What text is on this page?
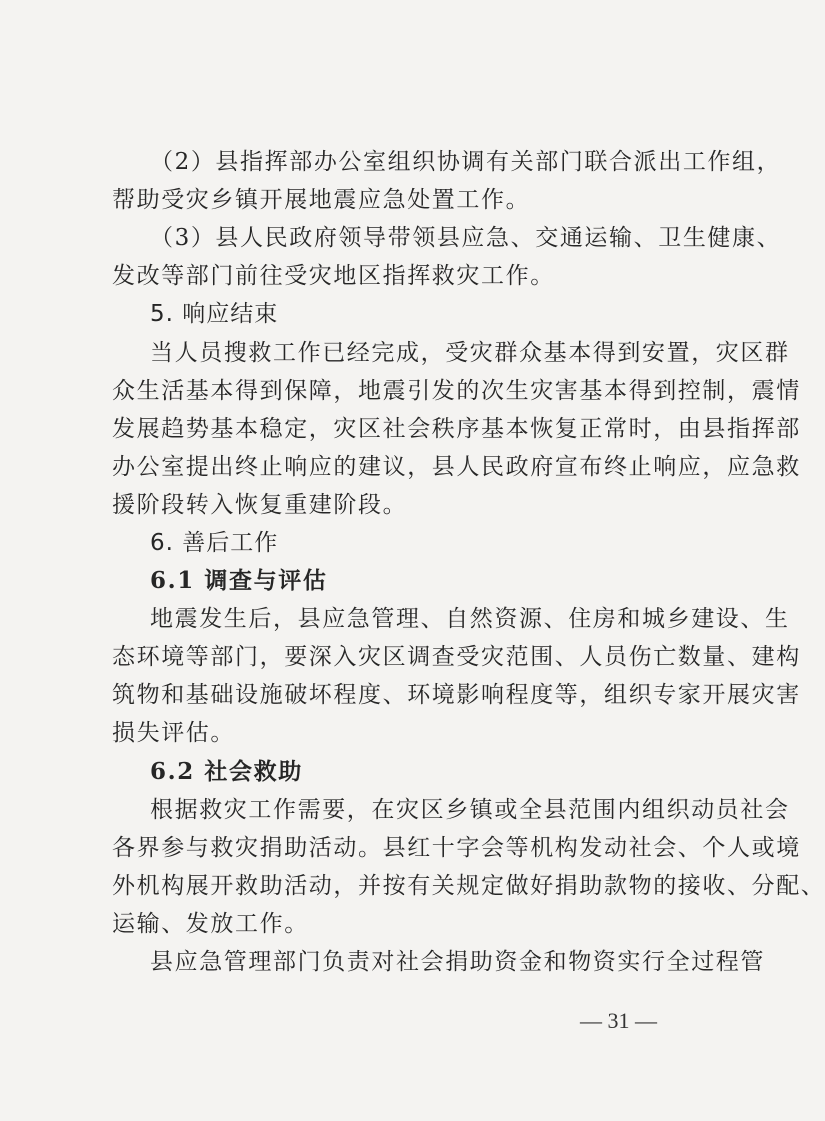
（2）县指挥部办公室组织协调有关部门联合派出工作组，
帮助受灾乡镇开展地震应急处置工作。
（3）县人民政府领导带领县应急、交通运输、卫生健康、
发改等部门前往受灾地区指挥救灾工作。
5. 响应结束
当人员搜救工作已经完成，受灾群众基本得到安置，灾区群
众生活基本得到保障，地震引发的次生灾害基本得到控制，震情
发展趋势基本稳定，灾区社会秩序基本恢复正常时，由县指挥部
办公室提出终止响应的建议，县人民政府宣布终止响应，应急救
援阶段转入恢复重建阶段。
6. 善后工作
6.1 调查与评估
地震发生后，县应急管理、自然资源、住房和城乡建设、生
态环境等部门，要深入灾区调查受灾范围、人员伤亡数量、建构
筑物和基础设施破坏程度、环境影响程度等，组织专家开展灾害
损失评估。
6.2 社会救助
根据救灾工作需要，在灾区乡镇或全县范围内组织动员社会
各界参与救灾捐助活动。县红十字会等机构发动社会、个人或境
外机构展开救助活动，并按有关规定做好捐助款物的接收、分配、
运输、发放工作。
县应急管理部门负责对社会捐助资金和物资实行全过程管
— 31 —
